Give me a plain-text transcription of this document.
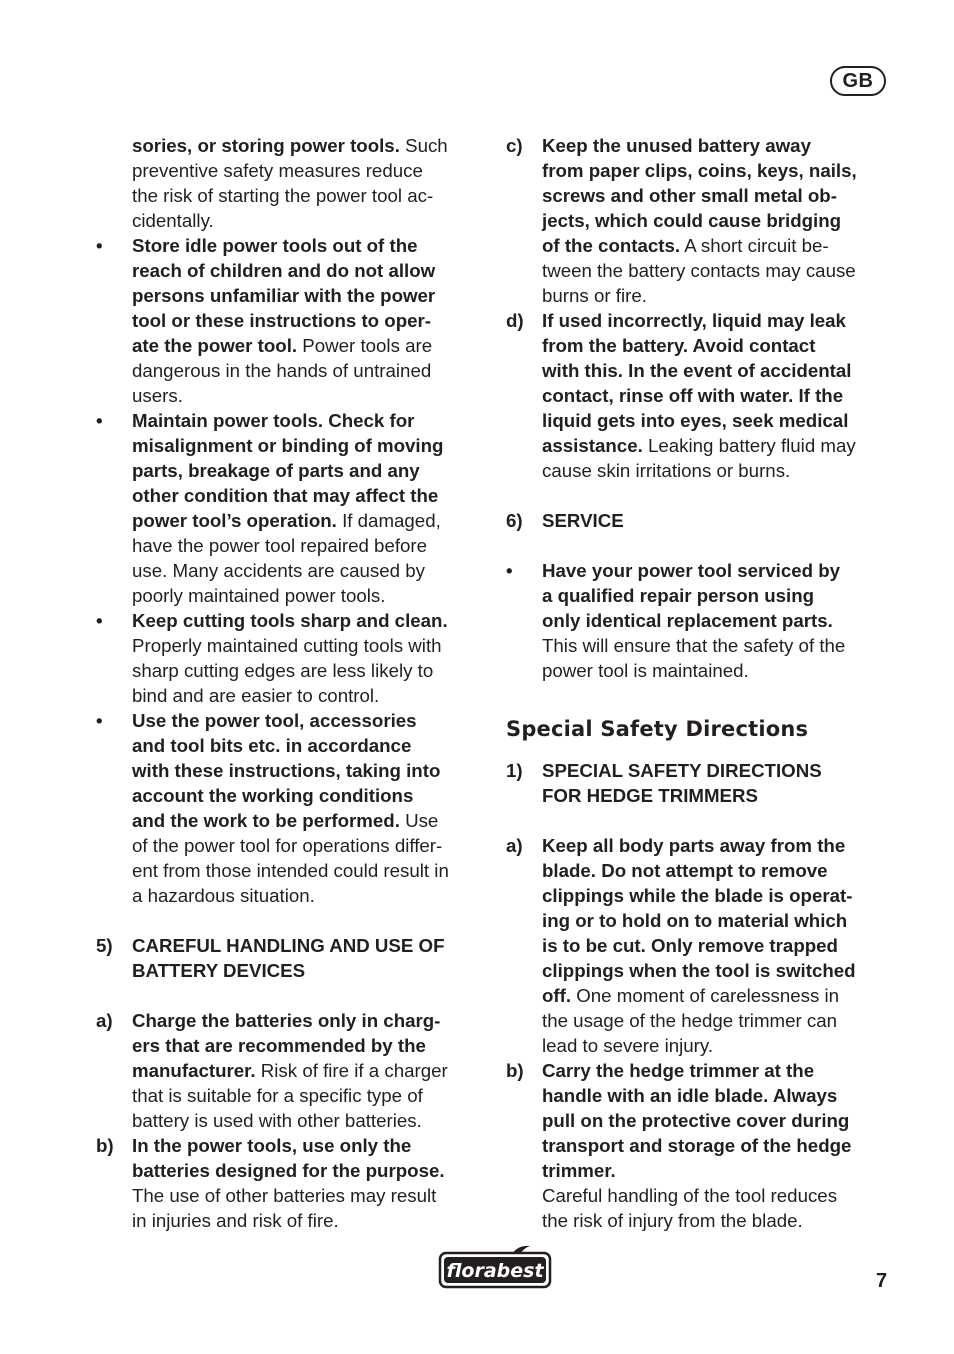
GB
sories, or storing power tools. Such
preventive safety measures reduce
the risk of starting the power tool ac-
cidentally.
•	Store idle power tools out of the
reach of children and do not allow
persons unfamiliar with the power
tool or these instructions to oper-
ate the power tool. Power tools are
dangerous in the hands of untrained
users.
•	Maintain power tools. Check for
misalignment or binding of moving
parts, breakage of parts and any
other condition that may affect the
power tool’s operation. If damaged,
have the power tool repaired before
use. Many accidents are caused by
poorly maintained power tools.
•	Keep cutting tools sharp and clean.
Properly maintained cutting tools with
sharp cutting edges are less likely to
bind and are easier to control.
•	Use the power tool, accessories
and tool bits etc. in accordance
with these instructions, taking into
account the working conditions
and the work to be performed. Use
of the power tool for operations differ-
ent from those intended could result in
a hazardous situation.
5)	CAREFUL HANDLING AND USE OF
BATTERY DEVICES
a)	Charge the batteries only in charg-
ers that are recommended by the
manufacturer. Risk of fire if a charger
that is suitable for a specific type of
battery is used with other batteries.
b) In the power tools, use only the
batteries designed for the purpose.
The use of other batteries may result
in injuries and risk of fire.
c)	Keep the unused battery away
from paper clips, coins, keys, nails,
screws and other small metal ob-
jects, which could cause bridging
of the contacts. A short circuit be-
tween the battery contacts may cause
burns or fire.
d) If used incorrectly, liquid may leak
from the battery. Avoid contact
with this. In the event of accidental
contact, rinse off with water. If the
liquid gets into eyes, seek medical
assistance. Leaking battery fluid may
cause skin irritations or burns.
6)	SERVICE
•	Have your power tool serviced by
a qualified repair person using
only identical replacement parts.
This will ensure that the safety of the
power tool is maintained.
Special Safety Directions
1)	SPECIAL SAFETY DIRECTIONS
FOR HEDGE TRIMMERS
a)	Keep all body parts away from the
blade. Do not attempt to remove
clippings while the blade is operat-
ing or to hold on to material which
is to be cut. Only remove trapped
clippings when the tool is switched
off. One moment of carelessness in
the usage of the hedge trimmer can
lead to severe injury.
b) Carry the hedge trimmer at the
handle with an idle blade. Always
pull on the protective cover during
transport and storage of the hedge
trimmer.
Careful handling of the tool reduces
the risk of injury from the blade.
florabest	7
